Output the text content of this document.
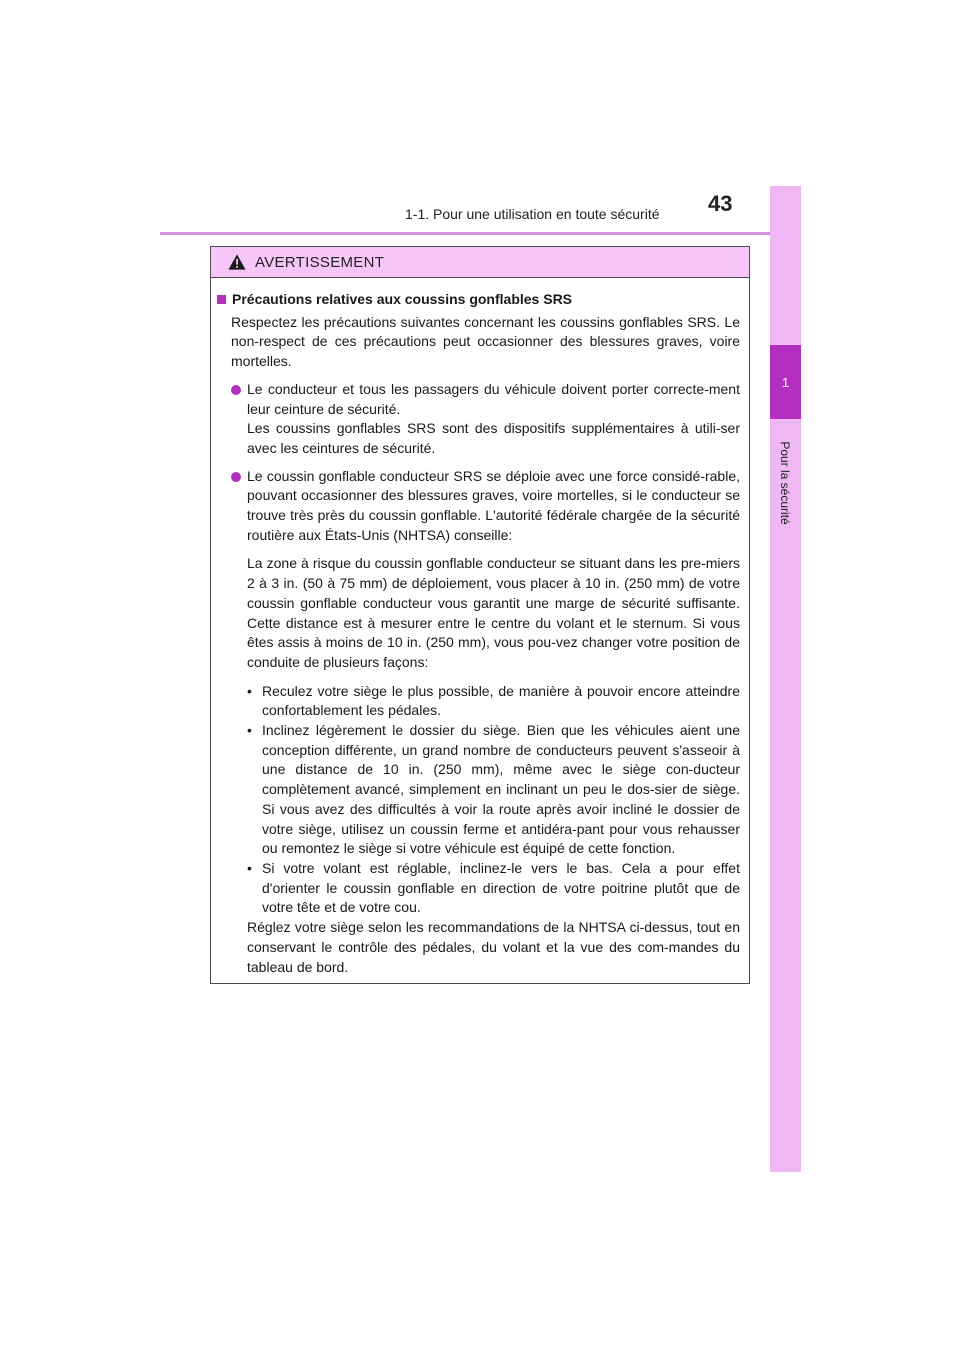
43
1-1. Pour une utilisation en toute sécurité
1
Pour la sécurité
AVERTISSEMENT
Précautions relatives aux coussins gonflables SRS

Respectez les précautions suivantes concernant les coussins gonflables SRS. Le non-respect de ces précautions peut occasionner des blessures graves, voire mortelles.

Le conducteur et tous les passagers du véhicule doivent porter correcte-ment leur ceinture de sécurité.

Les coussins gonflables SRS sont des dispositifs supplémentaires à utili-ser avec les ceintures de sécurité.

Le coussin gonflable conducteur SRS se déploie avec une force considé-rable, pouvant occasionner des blessures graves, voire mortelles, si le conducteur se trouve très près du coussin gonflable. L'autorité fédérale chargée de la sécurité routière aux États-Unis (NHTSA) conseille:

La zone à risque du coussin gonflable conducteur se situant dans les pre-miers 2 à 3 in. (50 à 75 mm) de déploiement, vous placer à 10 in. (250 mm) de votre coussin gonflable conducteur vous garantit une marge de sécurité suffisante. Cette distance est à mesurer entre le centre du volant et le sternum. Si vous êtes assis à moins de 10 in. (250 mm), vous pou-vez changer votre position de conduite de plusieurs façons:

• Reculez votre siège le plus possible, de manière à pouvoir encore atteindre confortablement les pédales.
• Inclinez légèrement le dossier du siège. Bien que les véhicules aient une conception différente, un grand nombre de conducteurs peuvent s'asseoir à une distance de 10 in. (250 mm), même avec le siège con-ducteur complètement avancé, simplement en inclinant un peu le dos-sier de siège. Si vous avez des difficultés à voir la route après avoir incliné le dossier de votre siège, utilisez un coussin ferme et antidéra-pant pour vous rehausser ou remontez le siège si votre véhicule est équipé de cette fonction.
• Si votre volant est réglable, inclinez-le vers le bas. Cela a pour effet d'orienter le coussin gonflable en direction de votre poitrine plutôt que de votre tête et de votre cou.

Réglez votre siège selon les recommandations de la NHTSA ci-dessus, tout en conservant le contrôle des pédales, du volant et la vue des com-mandes du tableau de bord.
